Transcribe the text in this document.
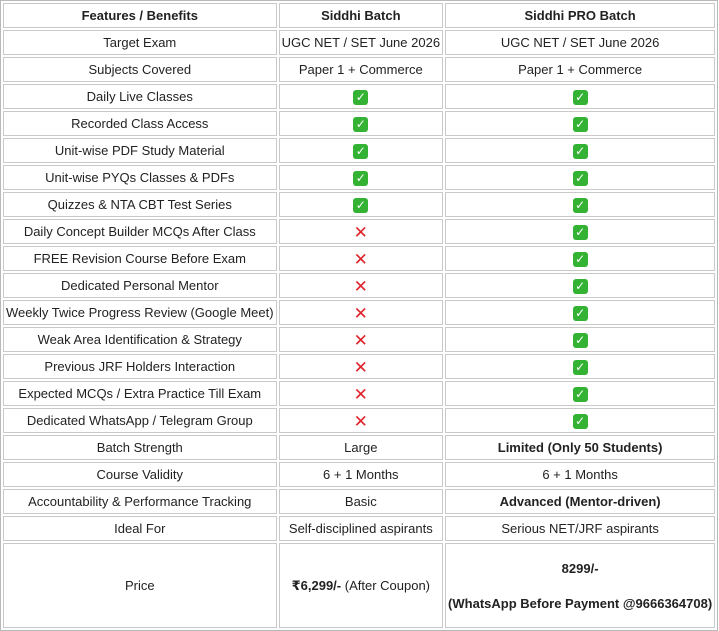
Features / Benefits	Siddhi Batch	Siddhi PRO Batch
Target Exam	UGC NET / SET June 2026	UGC NET / SET June 2026
Subjects Covered	Paper 1 + Commerce	Paper 1 + Commerce
Daily Live Classes	✓	✓
Recorded Class Access	✓	✓
Unit-wise PDF Study Material	✓	✓
Unit-wise PYQs Classes & PDFs	✓	✓
Quizzes & NTA CBT Test Series	✓	✓
Daily Concept Builder MCQs After Class	✕	✓
FREE Revision Course Before Exam	✕	✓
Dedicated Personal Mentor	✕	✓
Weekly Twice Progress Review (Google Meet)	✕	✓
Weak Area Identification & Strategy	✕	✓
Previous JRF Holders Interaction	✕	✓
Expected MCQs / Extra Practice Till Exam	✕	✓
Dedicated WhatsApp / Telegram Group	✕	✓
Batch Strength	Large	Limited (Only 50 Students)
Course Validity	6 + 1 Months	6 + 1 Months
Accountability & Performance Tracking	Basic	Advanced (Mentor-driven)
Ideal For	Self-disciplined aspirants	Serious NET/JRF aspirants
Price	₹6,299/- (After Coupon)	8299/-
(WhatsApp Before Payment @9666364708)
